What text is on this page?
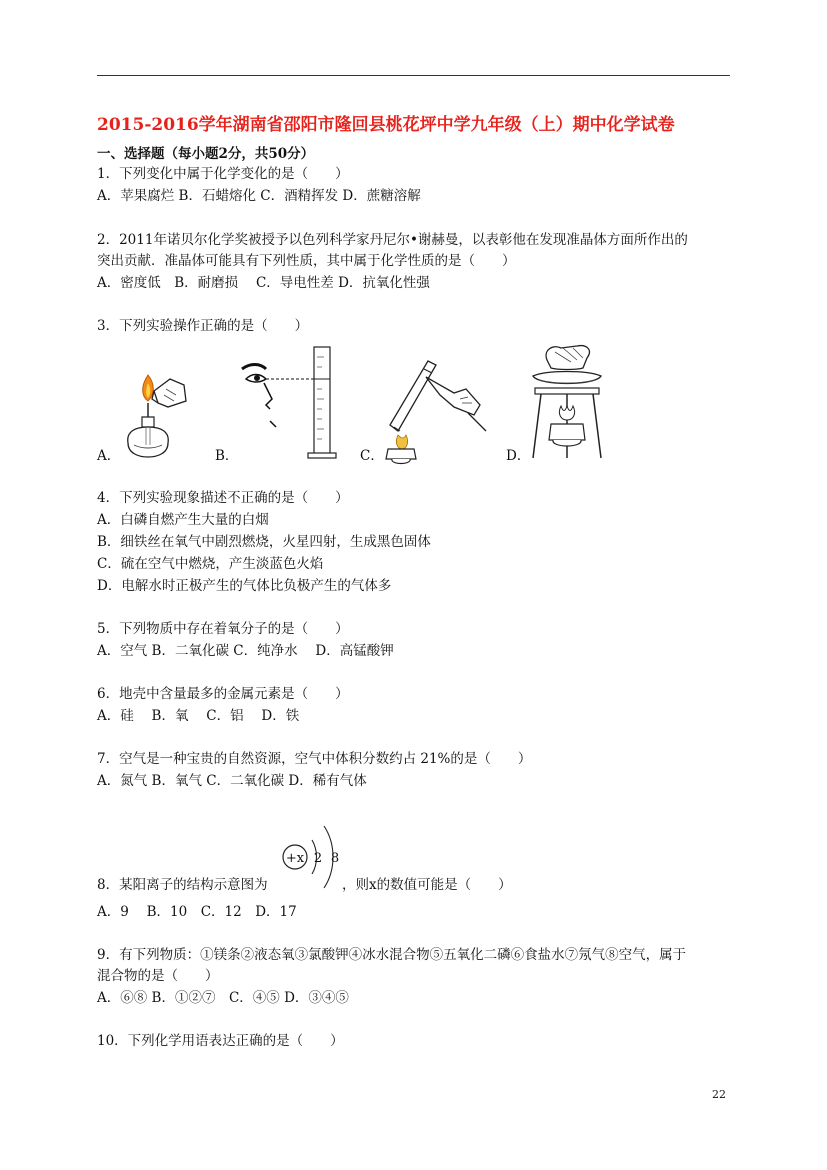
2015-2016学年湖南省邵阳市隆回县桃花坪中学九年级（上）期中化学试卷
一、选择题（每小题2分，共50分）
1．下列变化中属于化学变化的是（　　）
A．苹果腐烂 B．石蜡熔化 C．酒精挥发 D．蔗糖溶解
2．2011年诺贝尔化学奖被授予以色列科学家丹尼尔•谢赫曼，以表彰他在发现准晶体方面所作出的
突出贡献．准晶体可能具有下列性质，其中属于化学性质的是（　　）
A．密度低　B．耐磨损　 C．导电性差 D．抗氧化性强
3．下列实验操作正确的是（　　）
A．	B．	C．	D．
4．下列实验现象描述不正确的是（　　）
A．白磷自燃产生大量的白烟
B．细铁丝在氧气中剧烈燃烧，火星四射，生成黑色固体
C．硫在空气中燃烧，产生淡蓝色火焰
D．电解水时正极产生的气体比负极产生的气体多
5．下列物质中存在着氧分子的是（　　）
A．空气 B．二氧化碳 C．纯净水　 D．高锰酸钾
6．地壳中含量最多的金属元素是（　　）
A．硅　 B．氧　 C．铝　 D．铁
7．空气是一种宝贵的自然资源，空气中体积分数约占 21%的是（　　）
A．氮气 B．氧气 C．二氧化碳 D．稀有气体
8．某阳离子的结构示意图为
+x 2 8
，则x的数值可能是（　　）
A．9　 B．10　C．12　D．17
9．有下列物质：①镁条②液态氧③氯酸钾④冰水混合物⑤五氧化二磷⑥食盐水⑦氖气⑧空气，属于
混合物的是（　　）
A．⑥⑧ B．①②⑦　C．④⑤ D．③④⑤
10．下列化学用语表达正确的是（　　）
22
